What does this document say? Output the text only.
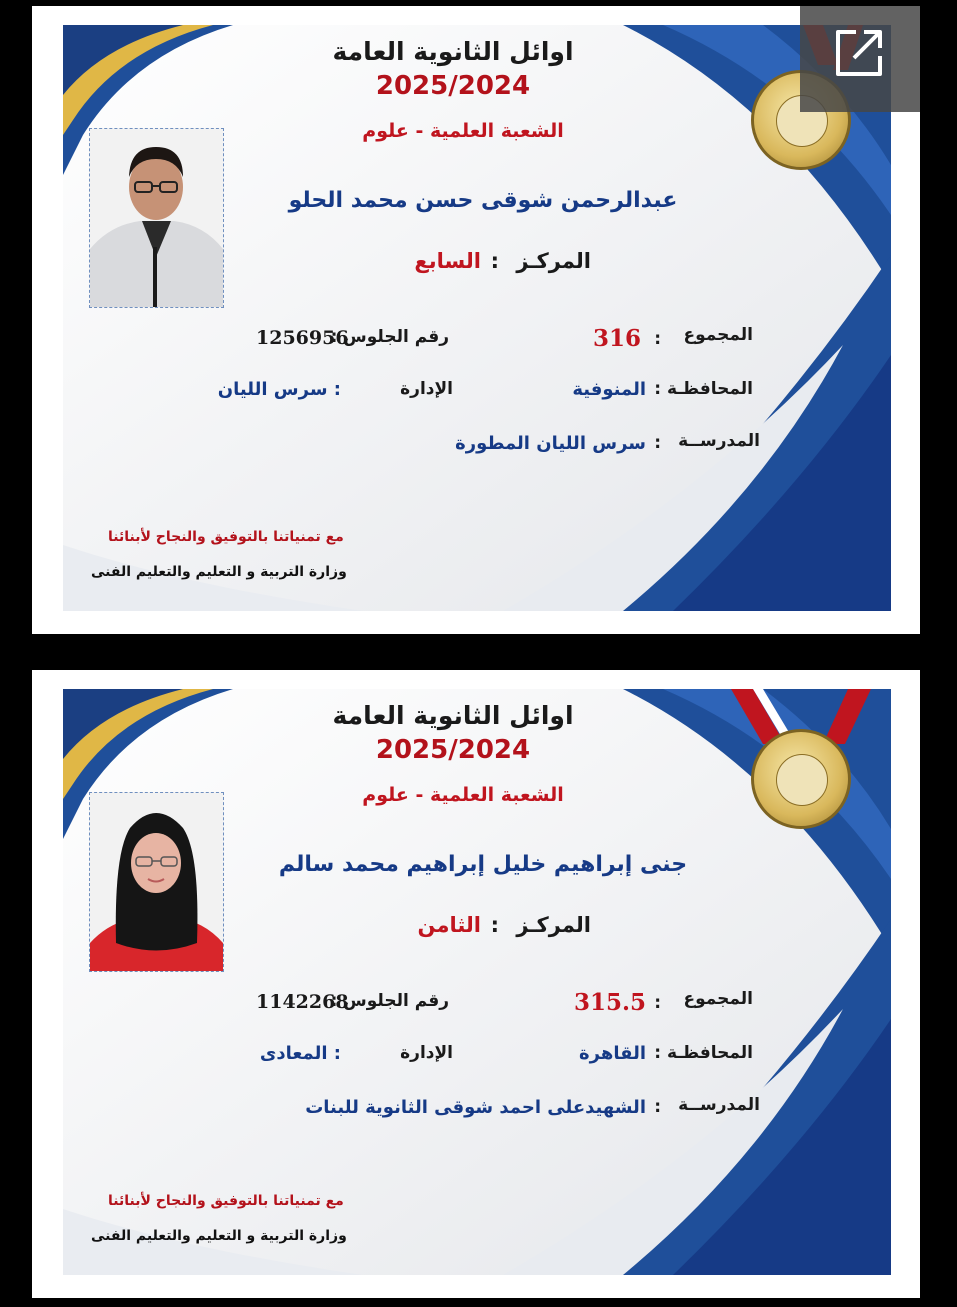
اوائل الثانوية العامة
2025/2024
الشعبة العلمية - علوم
عبدالرحمن شوقى حسن محمد الحلو
المركـز
:
السابع
المجموع
:
316
رقم الجلوس :
1256956
المحافظـة
:
المنوفية
الإدارة
: سرس الليان
المدرســة
:
سرس الليان المطورة
مع تمنياتنا بالتوفيق والنجاح لأبنائنا
وزارة التربية و التعليم والتعليم الفنى
اوائل الثانوية العامة
2025/2024
الشعبة العلمية - علوم
جنى إبراهيم خليل إبراهيم محمد سالم
المركـز
:
الثامن
المجموع
:
315.5
رقم الجلوس :
1142268
المحافظـة
:
القاهرة
الإدارة
: المعادى
المدرســة
:
الشهيدعلى احمد شوقى الثانوية للبنات
مع تمنياتنا بالتوفيق والنجاح لأبنائنا
وزارة التربية و التعليم والتعليم الفنى
